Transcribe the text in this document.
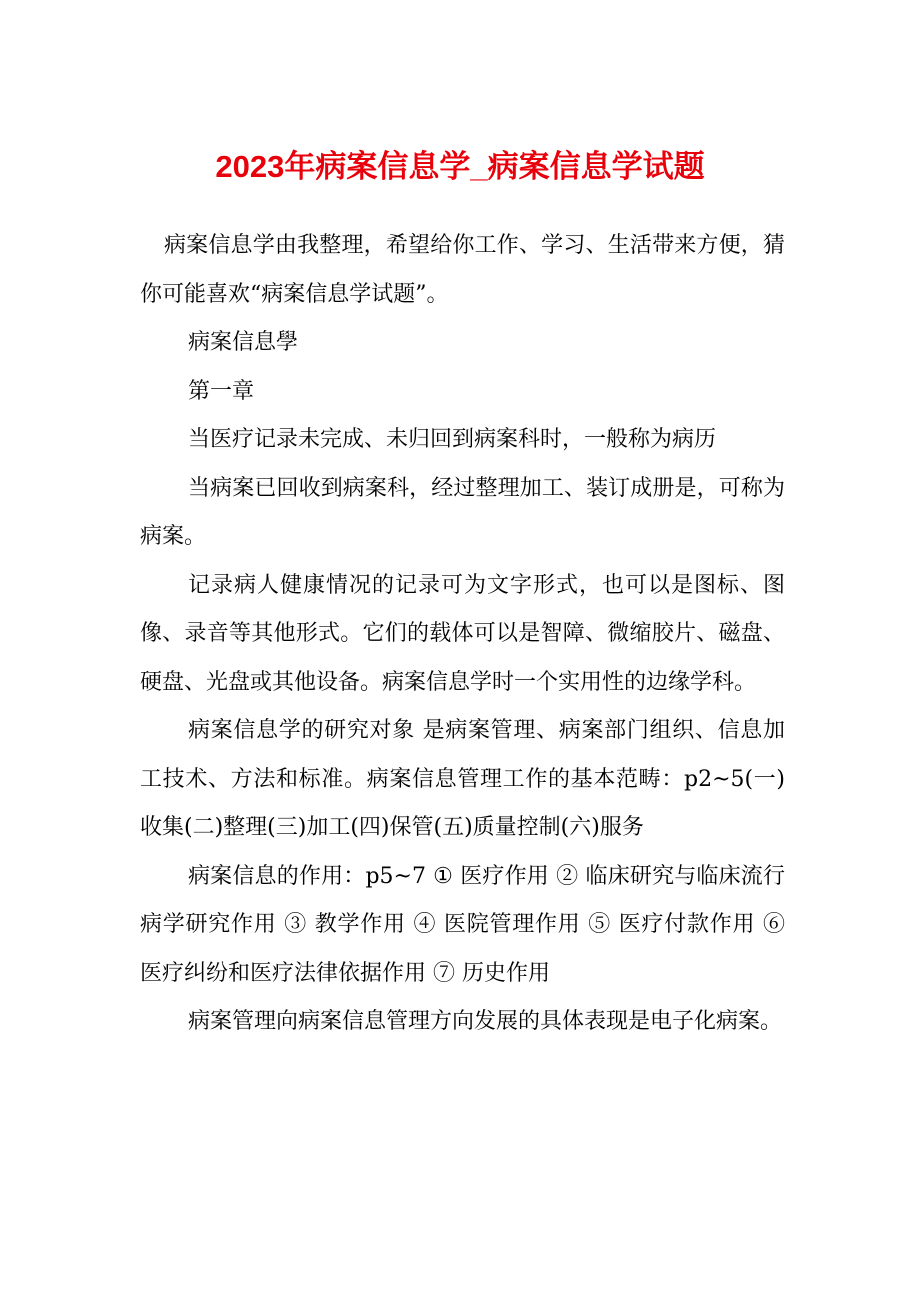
2023年病案信息学_病案信息学试题

病案信息学由我整理，希望给你工作、学习、生活带来方便，猜你可能喜欢“病案信息学试题”。

病案信息學

第一章

当医疗记录未完成、未归回到病案科时，一般称为病历

当病案已回收到病案科，经过整理加工、装订成册是，可称为病案。

记录病人健康情况的记录可为文字形式，也可以是图标、图像、录音等其他形式。它们的载体可以是智障、微缩胶片、磁盘、硬盘、光盘或其他设备。病案信息学时一个实用性的边缘学科。

病案信息学的研究对象 是病案管理、病案部门组织、信息加工技术、方法和标准。病案信息管理工作的基本范畴：p2~5(一)收集(二)整理(三)加工(四)保管(五)质量控制(六)服务

病案信息的作用：p5~7 ① 医疗作用 ② 临床研究与临床流行病学研究作用 ③ 教学作用 ④ 医院管理作用 ⑤ 医疗付款作用 ⑥ 医疗纠纷和医疗法律依据作用 ⑦ 历史作用

病案管理向病案信息管理方向发展的具体表现是电子化病案。
